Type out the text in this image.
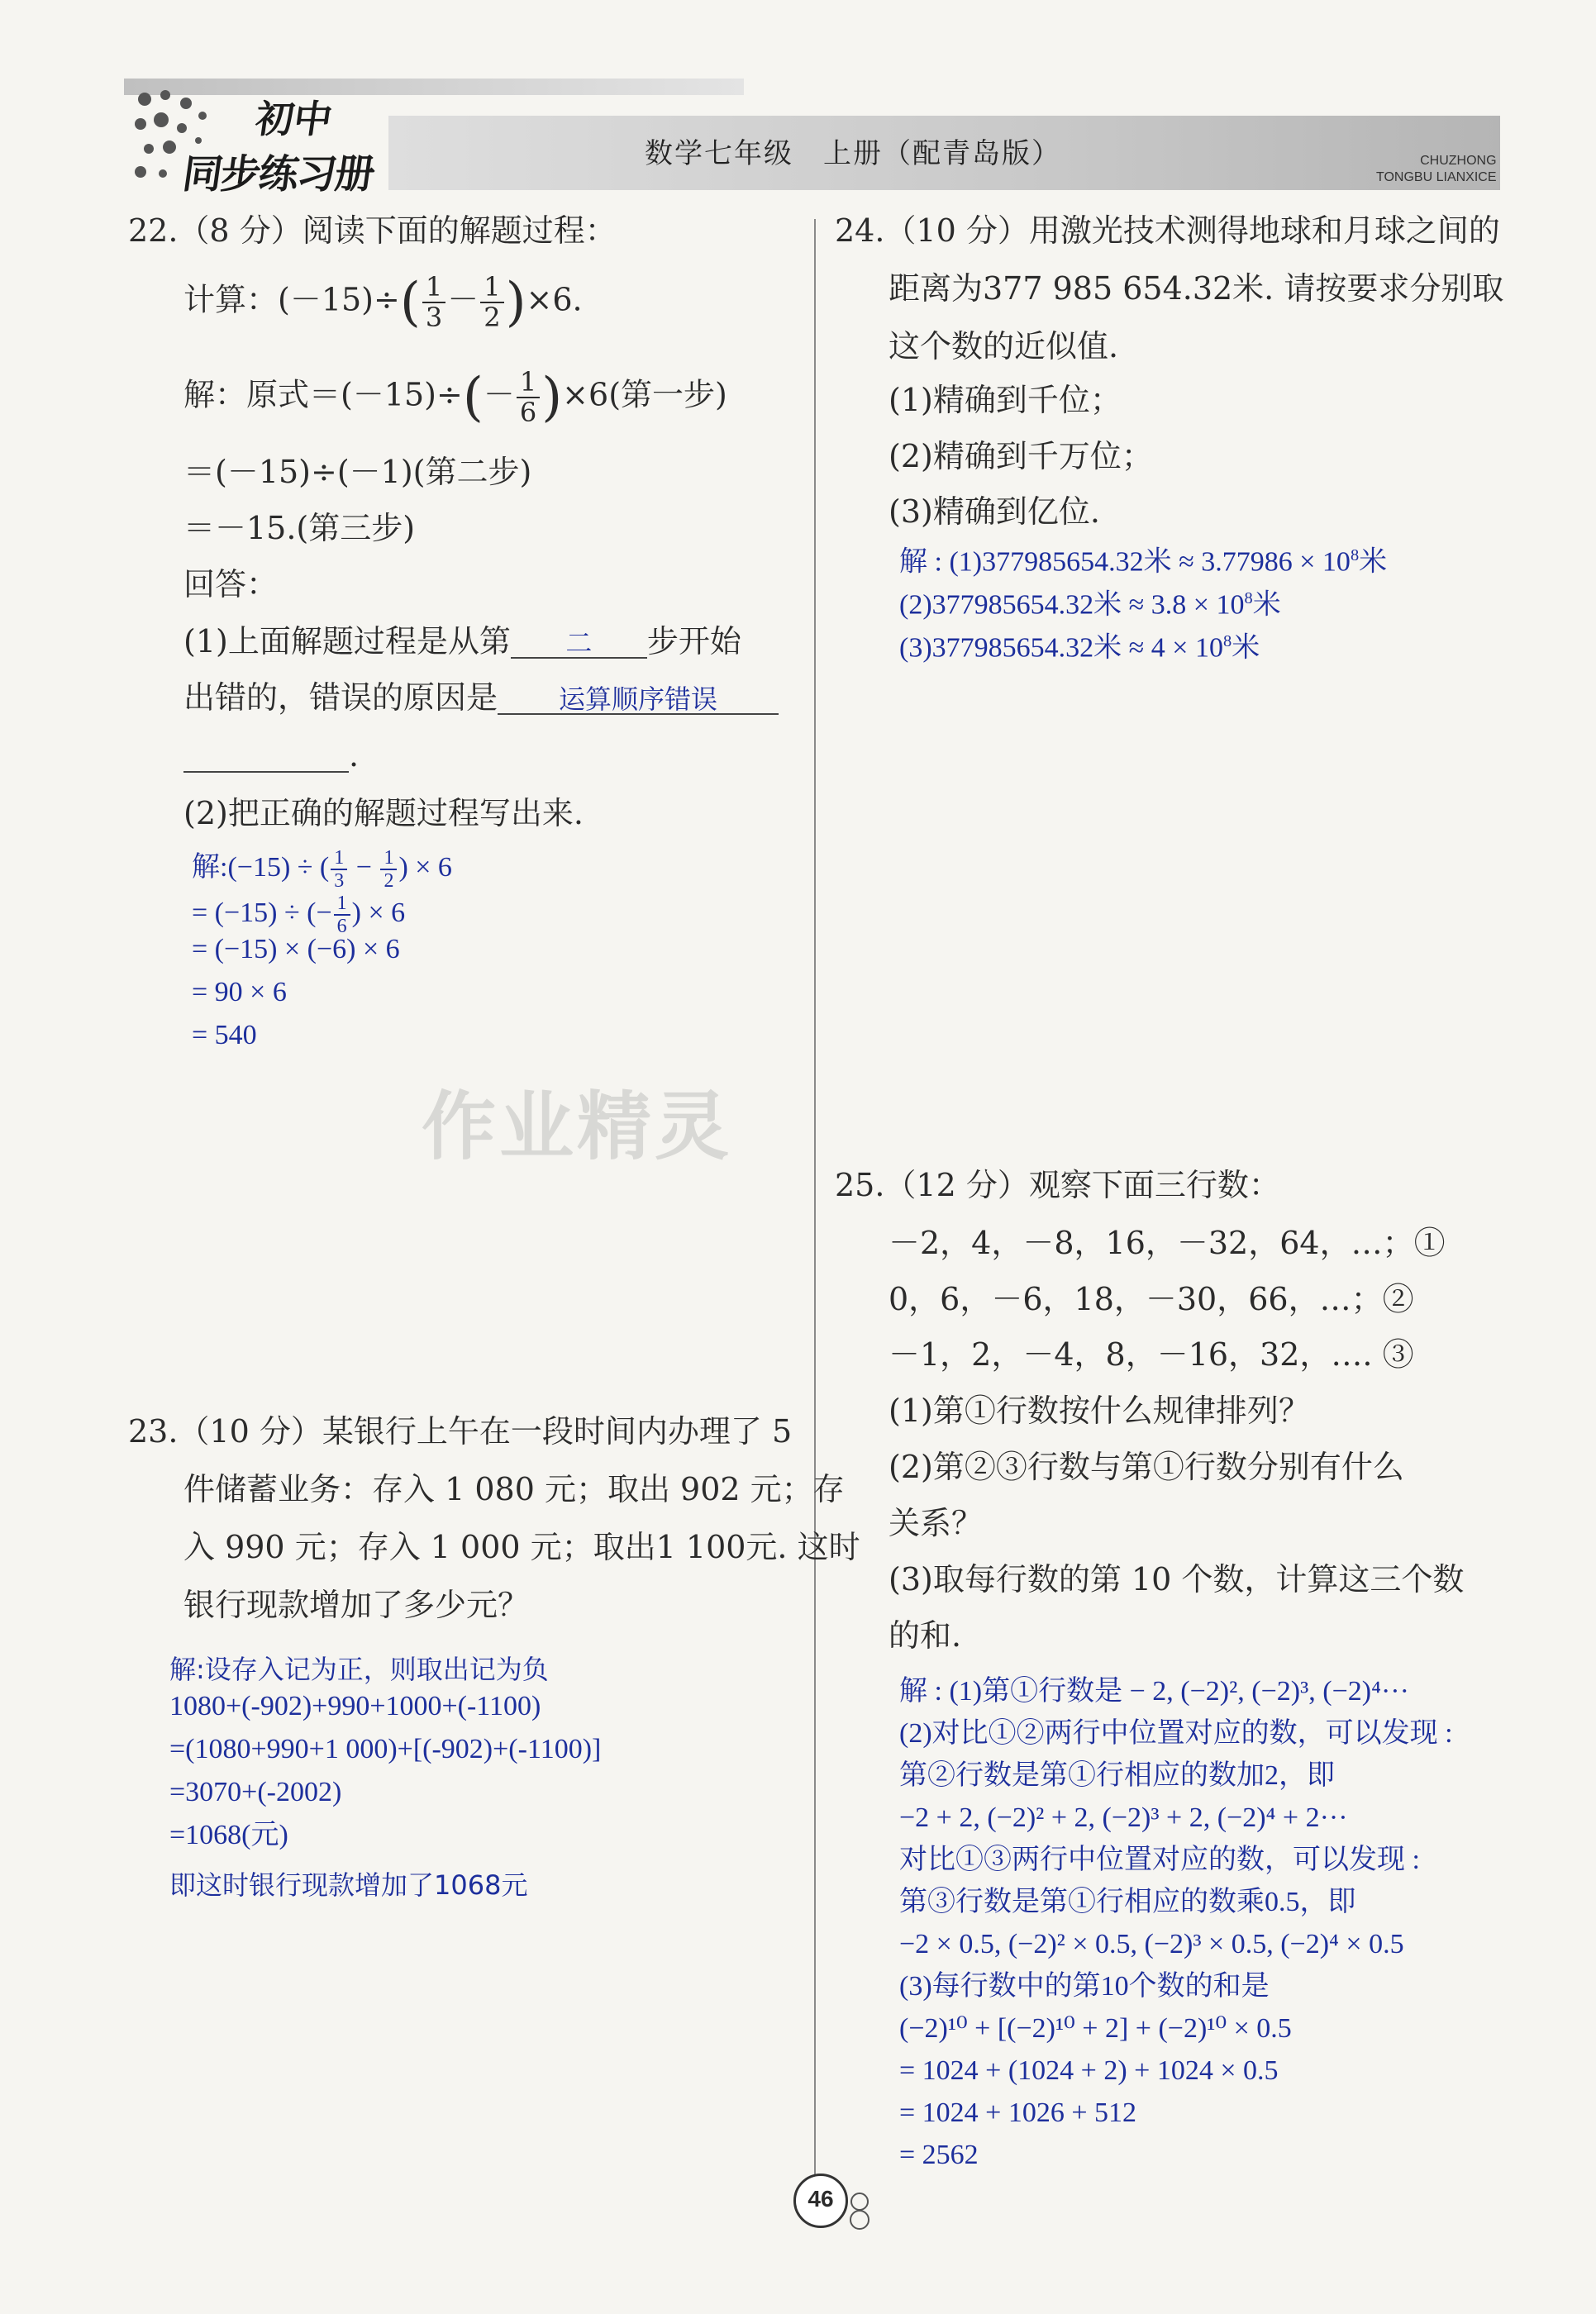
初中
同步练习册	数学七年级　上册（配青岛版）	CHUZHONG
TONGBU LIANXICE
作业精灵
22.（8 分）阅读下面的解题过程：
计算：$(-15)\div( \frac{1}{3} - \frac{1}{2} )\times 6$.
解：原式$=(-15)\div(- \frac{1}{6} )\times 6$(第一步)
＝(－15)÷(－1)(第二步)
＝－15.(第三步)
回答：
(1)上面解题过程是从第 二 步开始
出错的，错误的原因是 运算顺序错误
.
(2)把正确的解题过程写出来.
解:(−15) ÷ ( $\frac{1}{3} - \frac{1}{2}$ ) × 6
= (−15) ÷ (− $\frac{1}{6}$ ) × 6
= (−15) × (−6) × 6
= 90 × 6
= 540
23.（10 分）某银行上午在一段时间内办理了 5
件储蓄业务：存入 1 080 元；取出 902 元；存
入 990 元；存入 1 000 元；取出1 100元. 这时
银行现款增加了多少元？
解:设存入记为正，则取出记为负
1080+(-902)+990+1000+(-1100)
=(1080+990+1 000)+[(-902)+(-1100)]
=3070+(-2002)
=1068(元)
即这时银行现款增加了1068元
24.（10 分）用激光技术测得地球和月球之间的
距离为377 985 654.32米. 请按要求分别取
这个数的近似值.
(1)精确到千位；
(2)精确到千万位；
(3)精确到亿位.
解 : (1)377985654.32米 ≈ $3.77986 \times 10^8$米
(2)377985654.32米 ≈ $3.8 \times 10^8$米
(3)377985654.32米 ≈ $4 \times 10^8$米
25.（12 分）观察下面三行数：
－2，4，－8，16，－32，64，…；①
0，6，－6，18，－30，66，…；②
－1，2，－4，8，－16，32，…. ③
(1)第①行数按什么规律排列？
(2)第②③行数与第①行数分别有什么
关系？
(3)取每行数的第 10 个数，计算这三个数
的和.
解 : (1)第①行数是 − 2, (−2)², (−2)³, (−2)⁴···
(2)对比①②两行中位置对应的数，可以发现 :
第②行数是第①行相应的数加2，即
−2 + 2, (−2)² + 2, (−2)³ + 2, (−2)⁴ + 2···
对比①③两行中位置对应的数，可以发现 :
第③行数是第①行相应的数乘0.5，即
−2 × 0.5, (−2)² × 0.5, (−2)³ × 0.5, (−2)⁴ × 0.5
(3)每行数中的第10个数的和是
(−2)¹⁰ + [(−2)¹⁰ + 2] + (−2)¹⁰ × 0.5
= 1024 + (1024 + 2) + 1024 × 0.5
= 1024 + 1026 + 512
= 2562
46
